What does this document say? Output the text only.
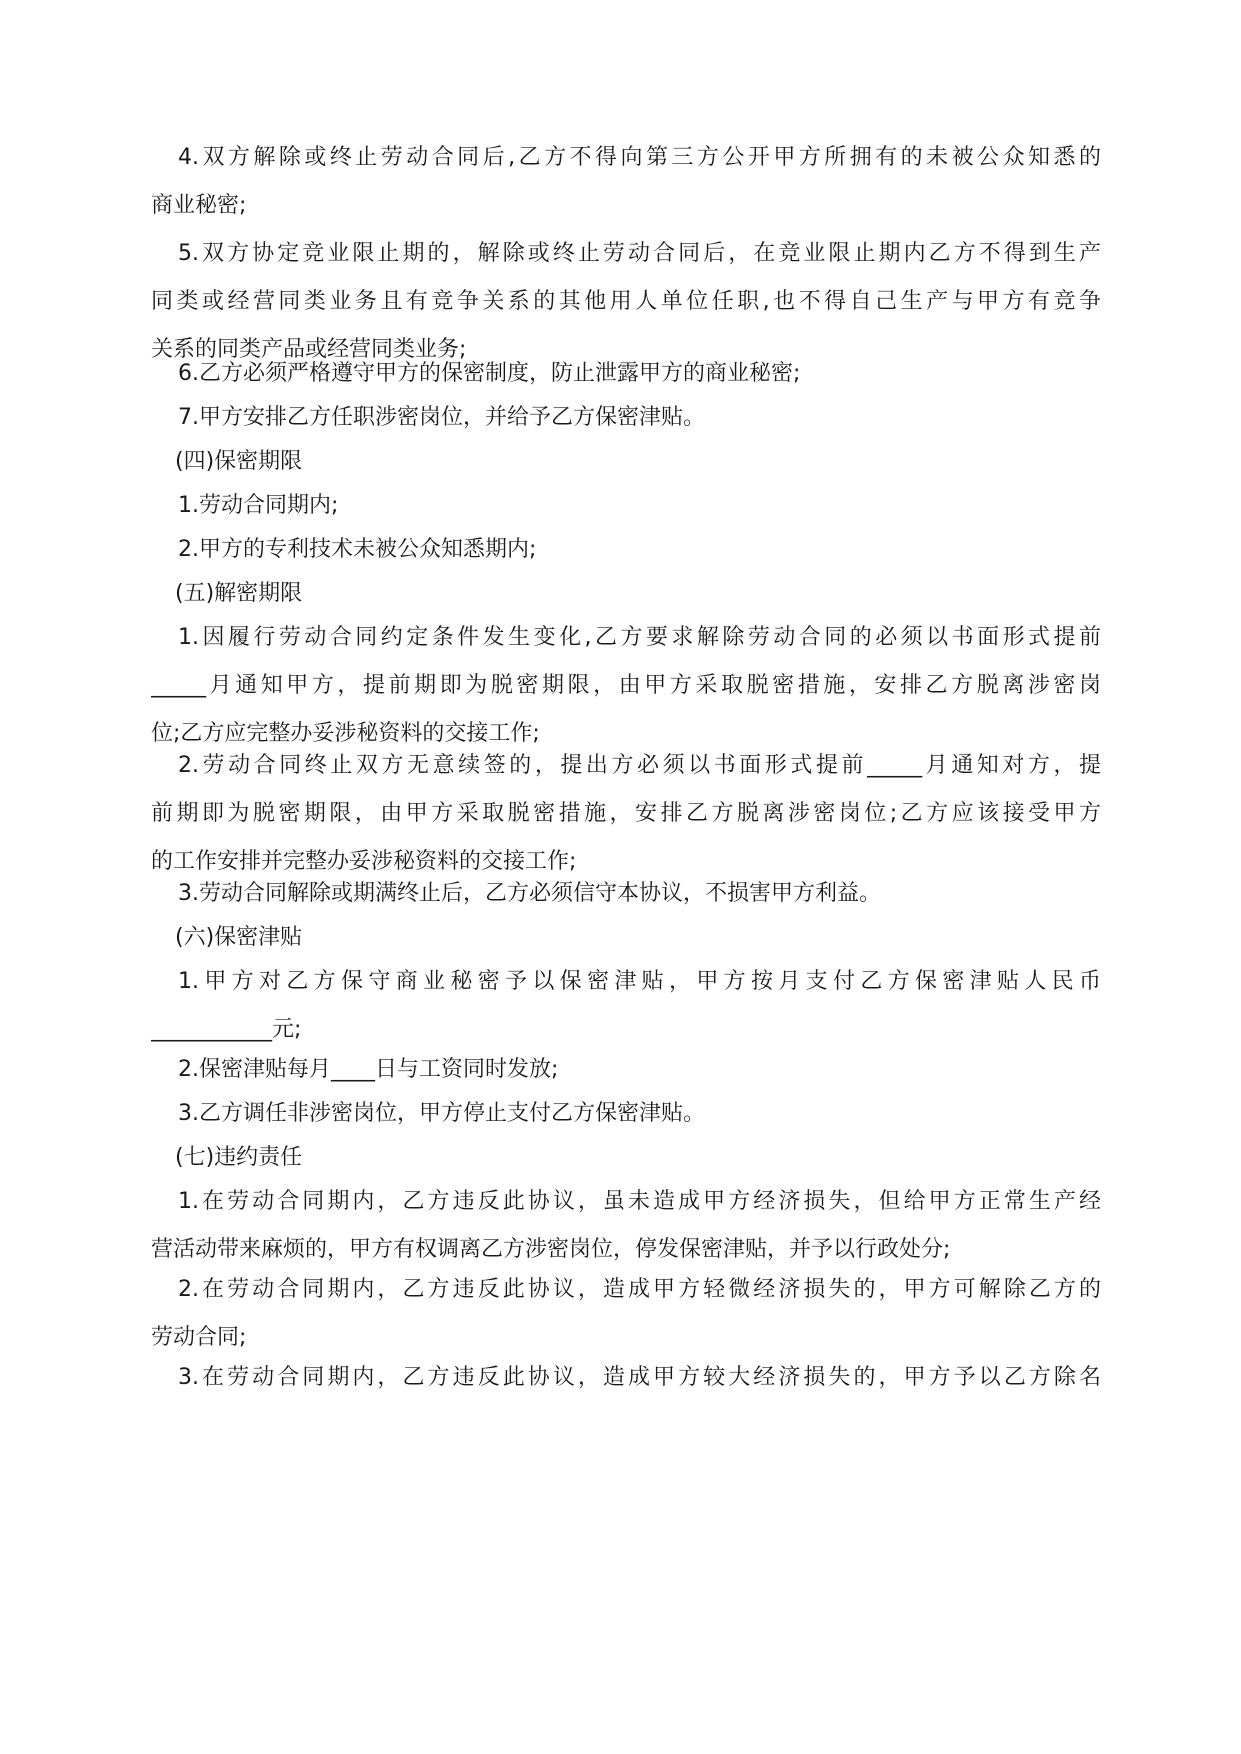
4.双方解除或终止劳动合同后,乙方不得向第三方公开甲方所拥有的未被公众知悉的
商业秘密;
5.双方协定竞业限止期的，解除或终止劳动合同后，在竞业限止期内乙方不得到生产
同类或经营同类业务且有竞争关系的其他用人单位任职,也不得自己生产与甲方有竞争
关系的同类产品或经营同类业务;
6.乙方必须严格遵守甲方的保密制度，防止泄露甲方的商业秘密;
7.甲方安排乙方任职涉密岗位，并给予乙方保密津贴。
(四)保密期限
1.劳动合同期内;
2.甲方的专利技术未被公众知悉期内;
(五)解密期限
1.因履行劳动合同约定条件发生变化,乙方要求解除劳动合同的必须以书面形式提前
_____月通知甲方，提前期即为脱密期限，由甲方采取脱密措施，安排乙方脱离涉密岗
位;乙方应完整办妥涉秘资料的交接工作;
2.劳动合同终止双方无意续签的，提出方必须以书面形式提前_____月通知对方，提
前期即为脱密期限，由甲方采取脱密措施，安排乙方脱离涉密岗位;乙方应该接受甲方
的工作安排并完整办妥涉秘资料的交接工作;
3.劳动合同解除或期满终止后，乙方必须信守本协议，不损害甲方利益。
(六)保密津贴
1.甲方对乙方保守商业秘密予以保密津贴，甲方按月支付乙方保密津贴人民币
___________元;
2.保密津贴每月____日与工资同时发放;
3.乙方调任非涉密岗位，甲方停止支付乙方保密津贴。
(七)违约责任
1.在劳动合同期内，乙方违反此协议，虽未造成甲方经济损失，但给甲方正常生产经
营活动带来麻烦的，甲方有权调离乙方涉密岗位，停发保密津贴，并予以行政处分;
2.在劳动合同期内，乙方违反此协议，造成甲方轻微经济损失的，甲方可解除乙方的
劳动合同;
3.在劳动合同期内，乙方违反此协议，造成甲方较大经济损失的，甲方予以乙方除名
